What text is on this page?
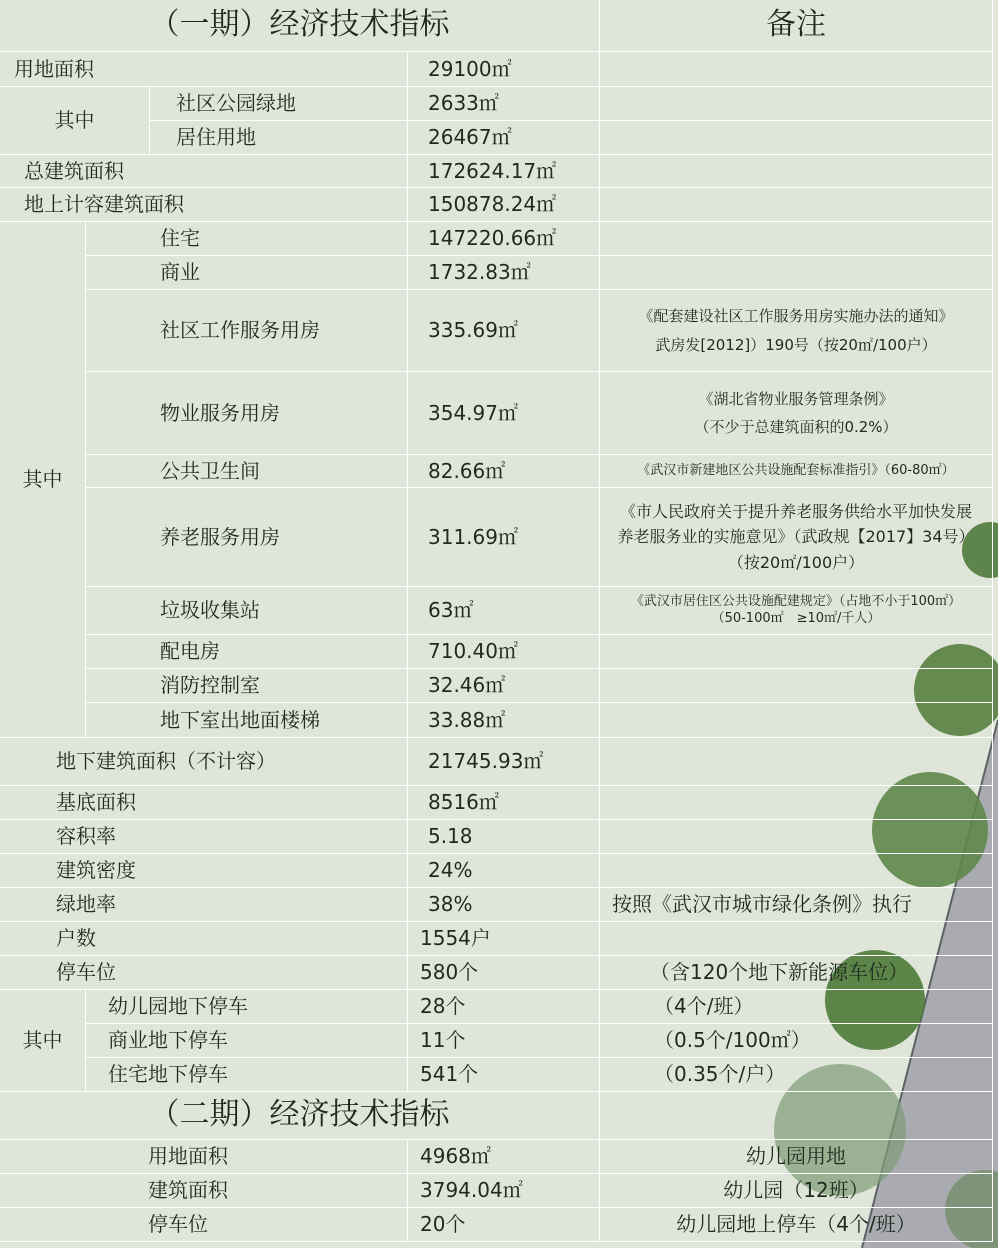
（一期）经济技术指标	备注
用地面积	29100㎡
其中
社区公园绿地	2633㎡
居住用地	26467㎡
总建筑面积	172624.17㎡
地上计容建筑面积	150878.24㎡
其中
住宅	147220.66㎡
商业	1732.83㎡
社区工作服务用房	335.69㎡
《配套建设社区工作服务用房实施办法的通知》
武房发[2012]）190号（按20㎡/100户）
物业服务用房	354.97㎡
《湖北省物业服务管理条例》
（不少于总建筑面积的0.2%）
公共卫生间	82.66㎡	《武汉市新建地区公共设施配套标准指引》（60-80㎡）
养老服务用房	311.69㎡
《市人民政府关于提升养老服务供给水平加快发展
养老服务业的实施意见》（武政规【2017】34号）
（按20㎡/100户）
垃圾收集站	63㎡	《武汉市居住区公共设施配建规定》（占地不小于100㎡）
（50-100㎡　≥10㎡/千人）
配电房	710.40㎡
消防控制室	32.46㎡
地下室出地面楼梯	33.88㎡
地下建筑面积（不计容）	21745.93㎡
基底面积	8516㎡
容积率	5.18
建筑密度	24%
绿地率	38%	按照《武汉市城市绿化条例》执行
户数	1554户
停车位	580个	（含120个地下新能源车位）
其中
幼儿园地下停车	28个	（4个/班）
商业地下停车	11个	（0.5个/100㎡）
住宅地下停车	541个	（0.35个/户）
（二期）经济技术指标
用地面积	4968㎡	幼儿园用地
建筑面积	3794.04㎡	幼儿园（12班）
停车位	20个	幼儿园地上停车（4个/班）
